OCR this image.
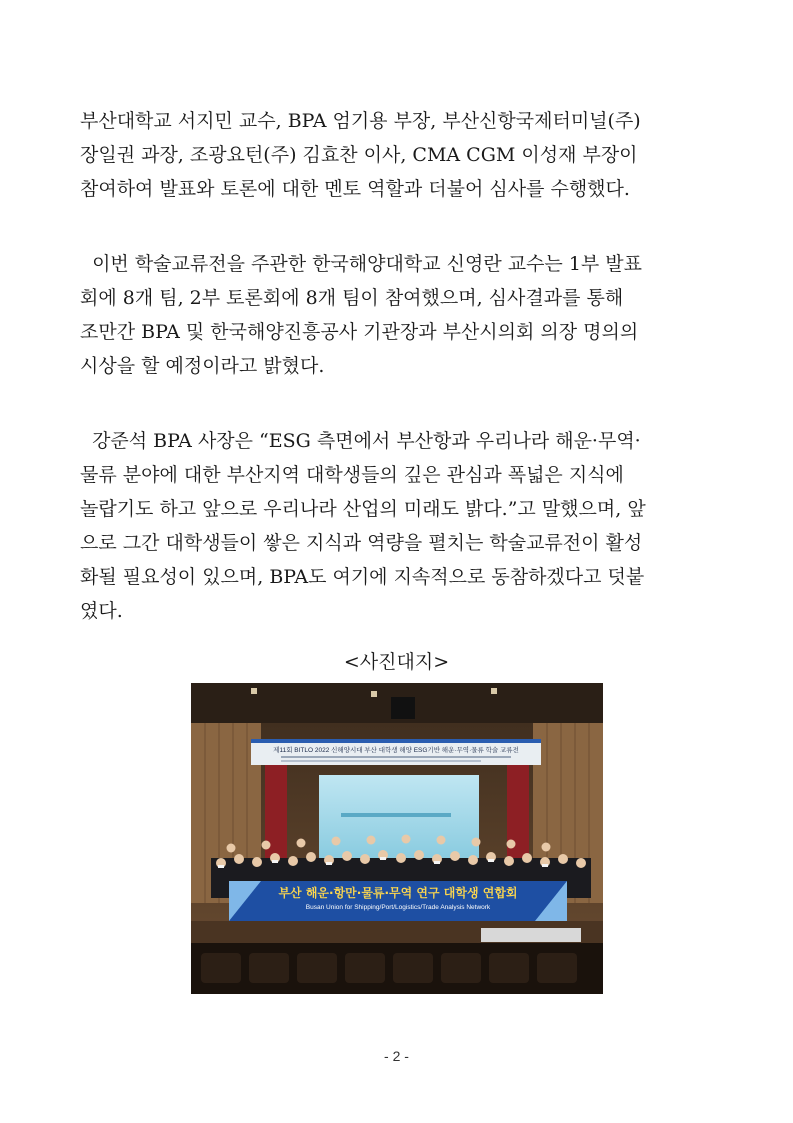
부산대학교 서지민 교수, BPA 엄기용 부장, 부산신항국제터미널(주)
장일권 과장, 조광요턴(주) 김효찬 이사, CMA CGM 이성재 부장이
참여하여 발표와 토론에 대한 멘토 역할과 더불어 심사를 수행했다.
이번 학술교류전을 주관한 한국해양대학교 신영란 교수는 1부 발표
회에 8개 팀, 2부 토론회에 8개 팀이 참여했으며, 심사결과를 통해
조만간 BPA 및 한국해양진흥공사 기관장과 부산시의회 의장 명의의
시상을 할 예정이라고 밝혔다.
강준석 BPA 사장은 “ESG 측면에서 부산항과 우리나라 해운·무역·
물류 분야에 대한 부산지역 대학생들의 깊은 관심과 폭넓은 지식에
놀랍기도 하고 앞으로 우리나라 산업의 미래도 밝다.”고 말했으며, 앞
으로 그간 대학생들이 쌓은 지식과 역량을 펼치는 학술교류전이 활성
화될 필요성이 있으며, BPA도 여기에 지속적으로 동참하겠다고 덧붙
였다.
<사진대지>
제11회 BITLO 2022 신해양시대 부산 대학생 해양 ESG기반 해운·무역·물류 학술 교류전
부산 해운·항만·물류·무역 연구 대학생 연합회
Busan Union for Shipping/Port/Logistics/Trade Analysis Network
- 2 -
